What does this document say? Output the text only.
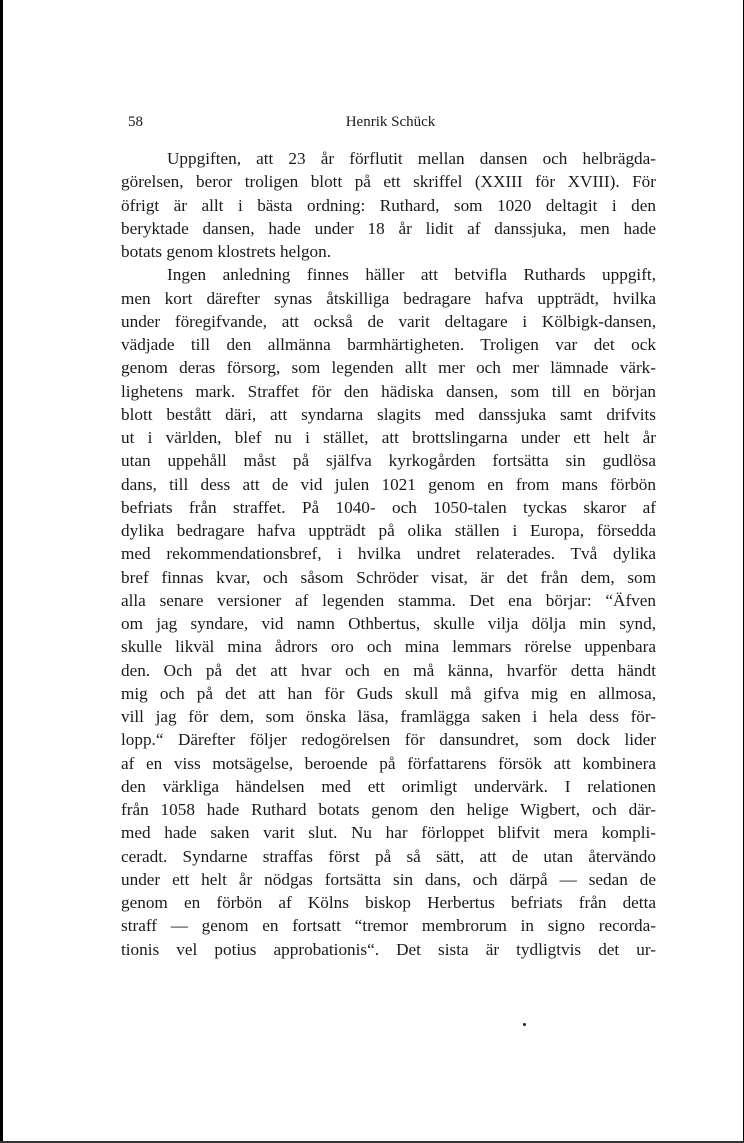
58	Henrik Schück
Uppgiften, att 23 år förflutit mellan dansen och helbrägda-
görelsen, beror troligen blott på ett skriffel (XXIII för XVIII). För
öfrigt är allt i bästa ordning: Ruthard, som 1020 deltagit i den
beryktade dansen, hade under 18 år lidit af danssjuka, men hade
botats genom klostrets helgon.
Ingen anledning finnes häller att betvifla Ruthards uppgift,
men kort därefter synas åtskilliga bedragare hafva uppträdt, hvilka
under föregifvande, att också de varit deltagare i Kölbigk-dansen,
vädjade till den allmänna barmhärtigheten. Troligen var det ock
genom deras försorg, som legenden allt mer och mer lämnade värk-
lighetens mark. Straffet för den hädiska dansen, som till en början
blott bestått däri, att syndarna slagits med danssjuka samt drifvits
ut i världen, blef nu i stället, att brottslingarna under ett helt år
utan uppehåll måst på själfva kyrkogården fortsätta sin gudlösa
dans, till dess att de vid julen 1021 genom en from mans förbön
befriats från straffet. På 1040- och 1050-talen tyckas skaror af
dylika bedragare hafva uppträdt på olika ställen i Europa, försedda
med rekommendationsbref, i hvilka undret relaterades. Två dylika
bref finnas kvar, och såsom Schröder visat, är det från dem, som
alla senare versioner af legenden stamma. Det ena börjar: “Äfven
om jag syndare, vid namn Othbertus, skulle vilja dölja min synd,
skulle likväl mina ådrors oro och mina lemmars rörelse uppenbara
den. Och på det att hvar och en må känna, hvarför detta händt
mig och på det att han för Guds skull må gifva mig en allmosa,
vill jag för dem, som önska läsa, framlägga saken i hela dess för-
lopp.“ Därefter följer redogörelsen för dansundret, som dock lider
af en viss motsägelse, beroende på författarens försök att kombinera
den värkliga händelsen med ett orimligt undervärk. I relationen
från 1058 hade Ruthard botats genom den helige Wigbert, och där-
med hade saken varit slut. Nu har förloppet blifvit mera kompli-
ceradt. Syndarne straffas först på så sätt, att de utan återvändo
under ett helt år nödgas fortsätta sin dans, och därpå — sedan de
genom en förbön af Kölns biskop Herbertus befriats från detta
straff — genom en fortsatt “tremor membrorum in signo recorda-
tionis vel potius approbationis“. Det sista är tydligtvis det ur-
